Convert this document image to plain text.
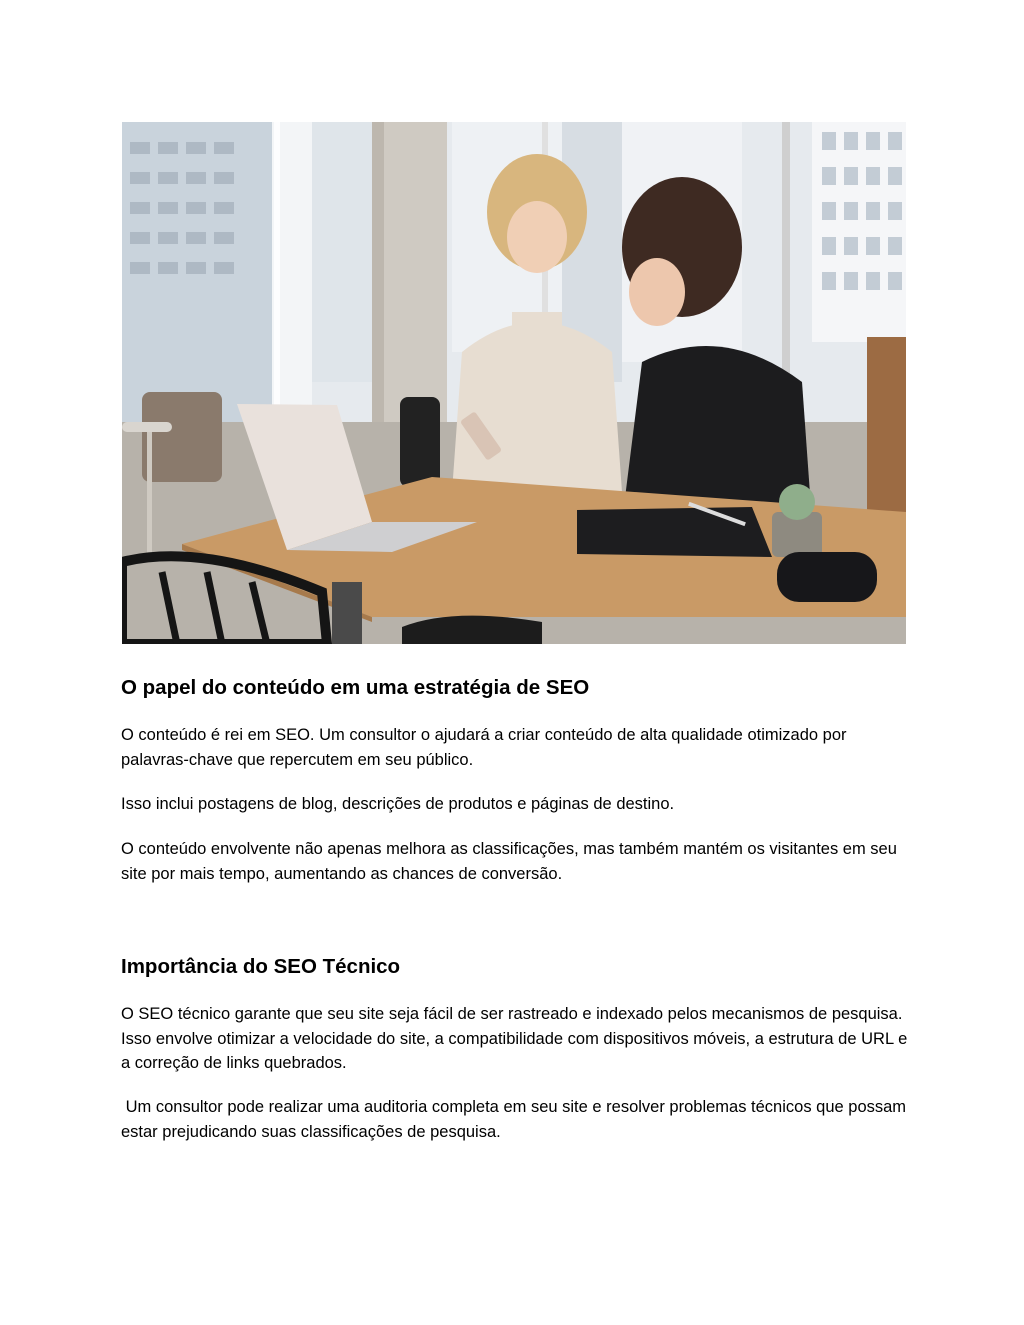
O papel do conteúdo em uma estratégia de SEO

O conteúdo é rei em SEO. Um consultor o ajudará a criar conteúdo de alta qualidade otimizado por palavras-chave que repercutem em seu público.

Isso inclui postagens de blog, descrições de produtos e páginas de destino.

O conteúdo envolvente não apenas melhora as classificações, mas também mantém os visitantes em seu site por mais tempo, aumentando as chances de conversão.

Importância do SEO Técnico

O SEO técnico garante que seu site seja fácil de ser rastreado e indexado pelos mecanismos de pesquisa. Isso envolve otimizar a velocidade do site, a compatibilidade com dispositivos móveis, a estrutura de URL e a correção de links quebrados.

Um consultor pode realizar uma auditoria completa em seu site e resolver problemas técnicos que possam estar prejudicando suas classificações de pesquisa.
